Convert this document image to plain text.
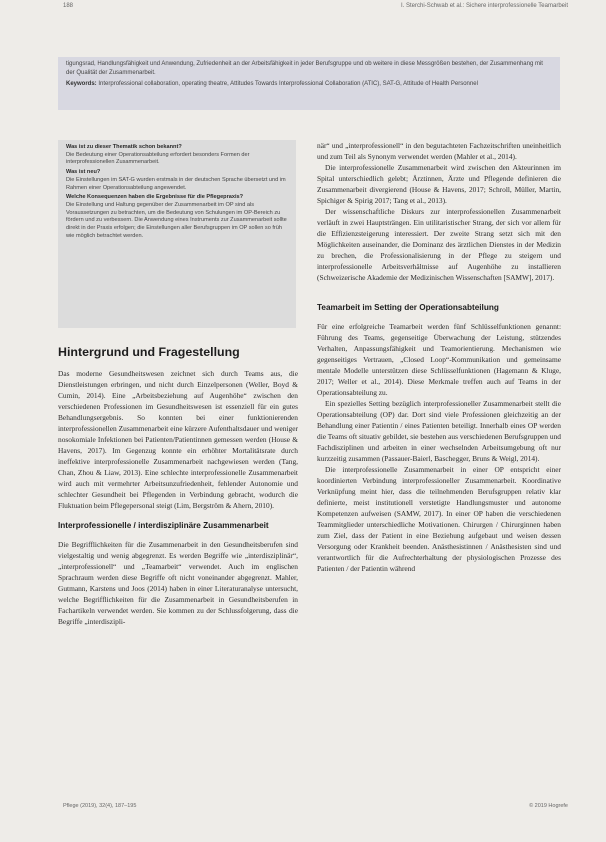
188	I. Sterchi-Schwab et al.: Sichere interprofessionelle Teamarbeit
tigungsrad, Handlungsfähigkeit und Anwendung, Zufriedenheit an der Arbeitsfähigkeit in jeder Berufsgruppe und ob weitere in diese Messgrößen bestehen, der Zusammenhang mit der Qualität der Zusammenarbeit.
Keywords: Interprofessional collaboration, operating theatre, Attitudes Towards Interprofessional Collaboration (ATIC), SAT-G, Attitude of Health Personnel
Was ist zu dieser Thematik schon bekannt?

Die Bedeutung einer Operationsabteilung erfordert besonders Formen der interprofessionellen Zusammenarbeit.

Was ist neu?

Die Einstellungen im SAT-G wurden erstmals in der deutschen Sprache übersetzt und im Rahmen einer Operationsabteilung angewendet.

Welche Konsequenzen haben die Ergebnisse für die Pflegepraxis?

Die Einstellung und Haltung gegenüber der Zusammenarbeit im OP sind als Voraussetzungen zu betrachten, um die Bedeutung von Schulungen im OP-Bereich zu fördern und zu verbessern. Die Anwendung eines Instruments zur Zusammenarbeit sollte direkt in der Praxis erfolgen; die Einstellungen aller Berufsgruppen im OP sollen so früh wie möglich betrachtet werden.

Hintergrund und Fragestellung

Das moderne Gesundheitswesen zeichnet sich durch Teams aus, die Dienstleistungen erbringen, und nicht durch Einzelpersonen (Weller, Boyd & Cumin, 2014). Eine „Arbeitsbeziehung auf Augenhöhe“ zwischen den verschiedenen Professionen im Gesundheitswesen ist essenziell für ein gutes Behandlungsergebnis. So konnten bei einer funktionierenden interprofessionellen Zusammenarbeit eine kürzere Aufenthaltsdauer und weniger nosokomiale Infektionen bei Patienten/Patientinnen gemessen werden (House & Havens, 2017). Im Gegenzug konnte ein erhöhter Mortalitätsrate durch ineffektive interprofessionelle Zusammenarbeit nachgewiesen werden (Tang, Chan, Zhou & Liaw, 2013). Eine schlechte interprofessionelle Zusammenarbeit wird auch mit vermehrter Arbeitsunzufriedenheit, fehlender Autonomie und schlechter Gesundheit bei Pflegenden in Verbindung gebracht, wodurch die Fluktuation beim Pflegepersonal steigt (Lim, Bergström & Ahern, 2010).

Interprofessionelle / interdisziplinäre Zusammenarbeit

Die Begrifflichkeiten für die Zusammenarbeit in den Gesundheitsberufen sind vielgestaltig und wenig abgegrenzt. Es werden Begriffe wie „interdisziplinär“, „interprofessionell“ und „Teamarbeit“ verwendet. Auch im englischen Sprachraum werden diese Begriffe oft nicht voneinander abgegrenzt. Mahler, Gutmann, Karstens und Joos (2014) haben in einer Literaturanalyse untersucht, welche Begrifflichkeiten für die Zusammenarbeit in Gesundheitsberufen in Fachartikeln verwendet werden. Sie kommen zu der Schlussfolgerung, dass die Begriffe „interdiszipli-

när“ und „interprofessionell“ in den begutachteten Fachzeitschriften uneinheitlich und zum Teil als Synonym verwendet werden (Mahler et al., 2014).

Die interprofessionelle Zusammenarbeit wird zwischen den Akteurinnen im Spital unterschiedlich gelebt; Ärztinnen, Ärzte und Pflegende definieren die Zusammenarbeit divergierend (House & Havens, 2017; Schroll, Müller, Martin, Spichiger & Spirig 2017; Tang et al., 2013).

Der wissenschaftliche Diskurs zur interprofessionellen Zusammenarbeit verläuft in zwei Hauptsträngen. Ein utilitaristischer Strang, der sich vor allem für die Effizienzsteigerung interessiert. Der zweite Strang setzt sich mit den Möglichkeiten auseinander, die Dominanz des ärztlichen Dienstes in der Medizin zu brechen, die Professionalisierung in der Pflege zu steigern und interprofessionelle Arbeitsverhältnisse auf Augenhöhe zu installieren (Schweizerische Akademie der Medizinischen Wissenschaften [SAMW], 2017).

Teamarbeit im Setting der Operationsabteilung

Für eine erfolgreiche Teamarbeit werden fünf Schlüsselfunktionen genannt: Führung des Teams, gegenseitige Überwachung der Leistung, stützendes Verhalten, Anpassungsfähigkeit und Teamorientierung. Mechanismen wie gegenseitiges Vertrauen, „Closed Loop“-Kommunikation und gemeinsame mentale Modelle unterstützen diese Schlüsselfunktionen (Hagemann & Kluge, 2017; Weller et al., 2014). Diese Merkmale treffen auch auf Teams in der Operationsabteilung zu.

Ein spezielles Setting bezüglich interprofessioneller Zusammenarbeit stellt die Operationsabteilung (OP) dar. Dort sind viele Professionen gleichzeitig an der Behandlung einer Patientin / eines Patienten beteiligt. Innerhalb eines OP werden die Teams oft situativ gebildet, sie bestehen aus verschiedenen Berufsgruppen und Fachdisziplinen und arbeiten in einer wechselnden Arbeitsumgebung oft nur kurzzeitig zusammen (Passauer-Baierl, Baschegger, Bruns & Weigl, 2014).

Die interprofessionelle Zusammenarbeit in einer OP entspricht einer koordinierten Verbindung interprofessioneller Zusammenarbeit. Koordinative Verknüpfung meint hier, dass die teilnehmenden Berufsgruppen relativ klar definierte, meist institutionell verstetigte Handlungsmuster und autonome Kompetenzen aufweisen (SAMW, 2017). In einer OP haben die verschiedenen Teammitglieder unterschiedliche Motivationen. Chirurgen / Chirurginnen haben zum Ziel, dass der Patient in eine Beziehung aufgebaut und weisen dessen Versorgung oder Krankheit beenden. Anästhesistinnen / Anästhesisten sind und verantwortlich für die Aufrechterhaltung der physiologischen Prozesse des Patienten / der Patientin während

Pflege (2019), 32(4), 187–195	© 2019 Hogrefe
